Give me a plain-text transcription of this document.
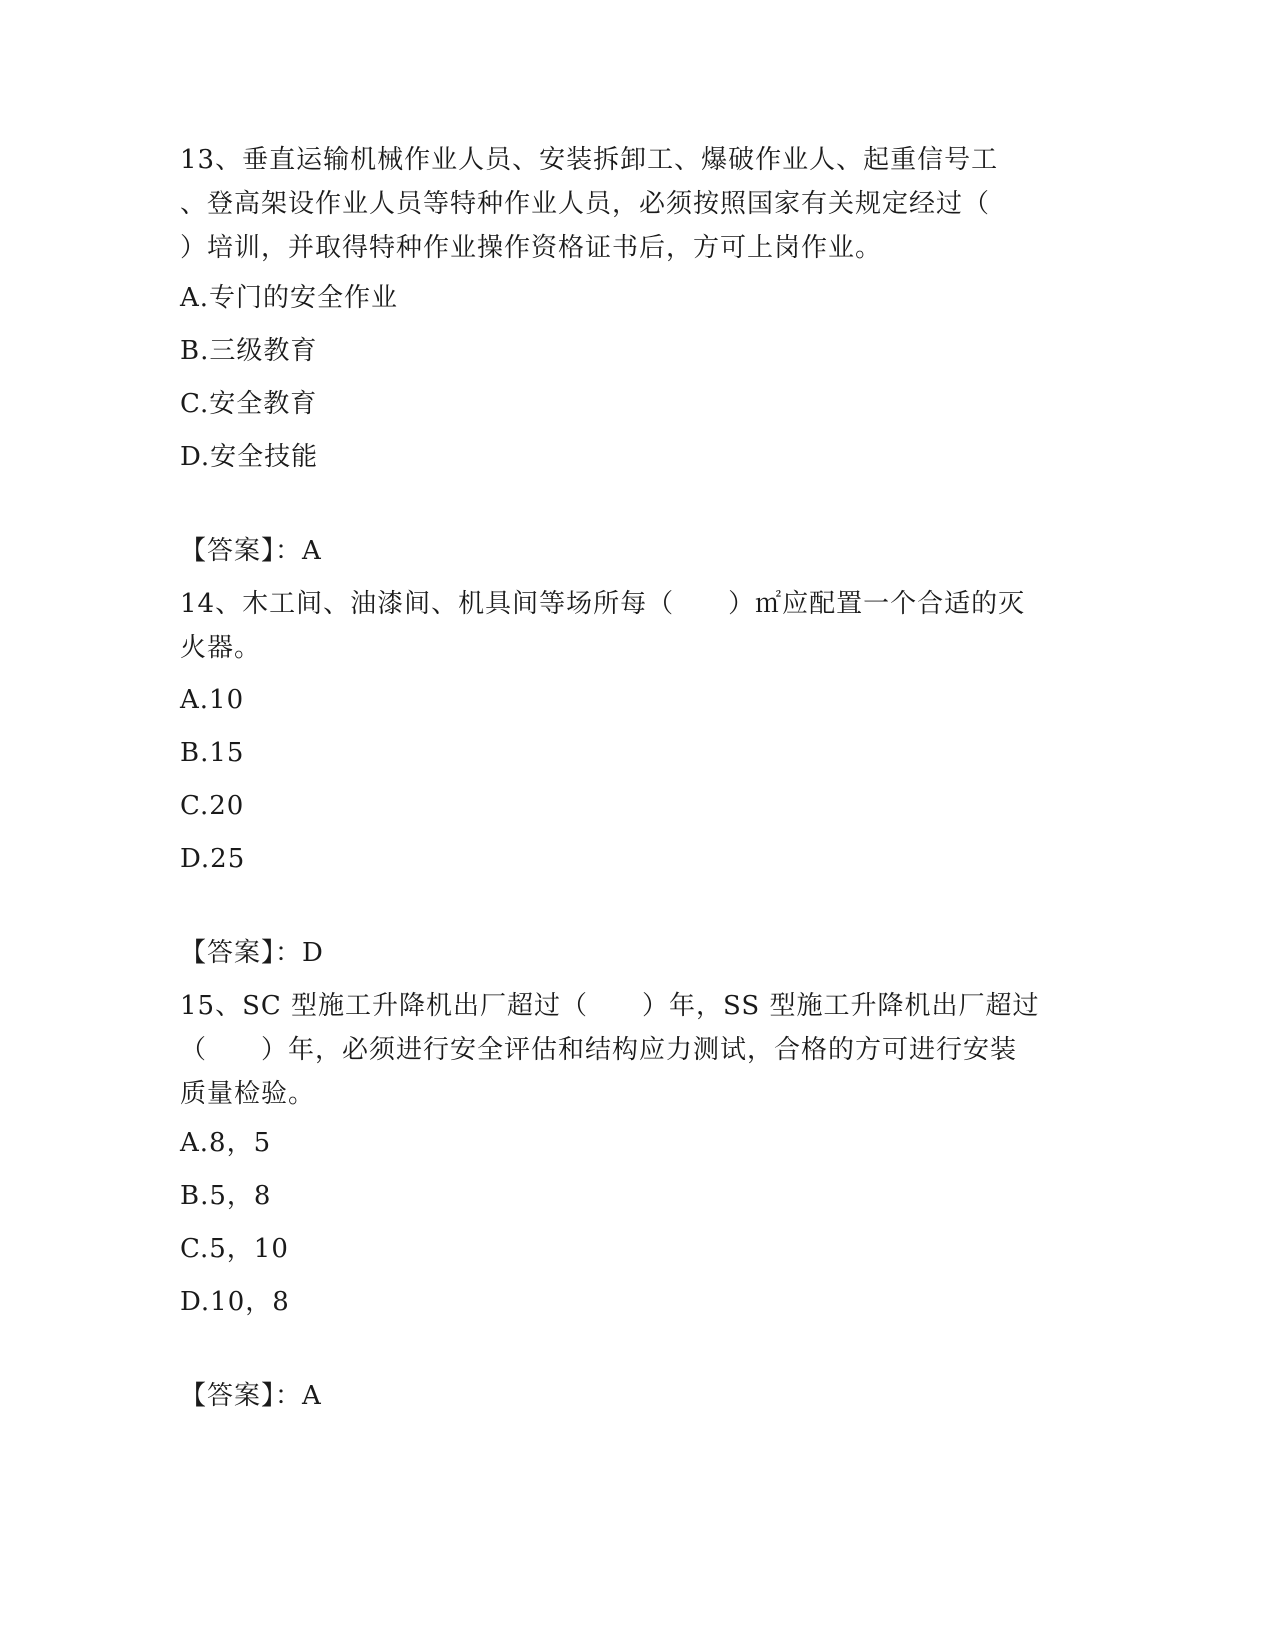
13、垂直运输机械作业人员、安装拆卸工、爆破作业人、起重信号工
、登高架设作业人员等特种作业人员，必须按照国家有关规定经过（
）培训，并取得特种作业操作资格证书后，方可上岗作业。
A.专门的安全作业
B.三级教育
C.安全教育
D.安全技能
【答案】：A
14、木工间、油漆间、机具间等场所每（　　）㎡应配置一个合适的灭
火器。
A.10
B.15
C.20
D.25
【答案】：D
15、SC 型施工升降机出厂超过（　　）年，SS 型施工升降机出厂超过
（　　）年，必须进行安全评估和结构应力测试，合格的方可进行安装
质量检验。
A.8，5
B.5，8
C.5，10
D.10，8
【答案】：A
